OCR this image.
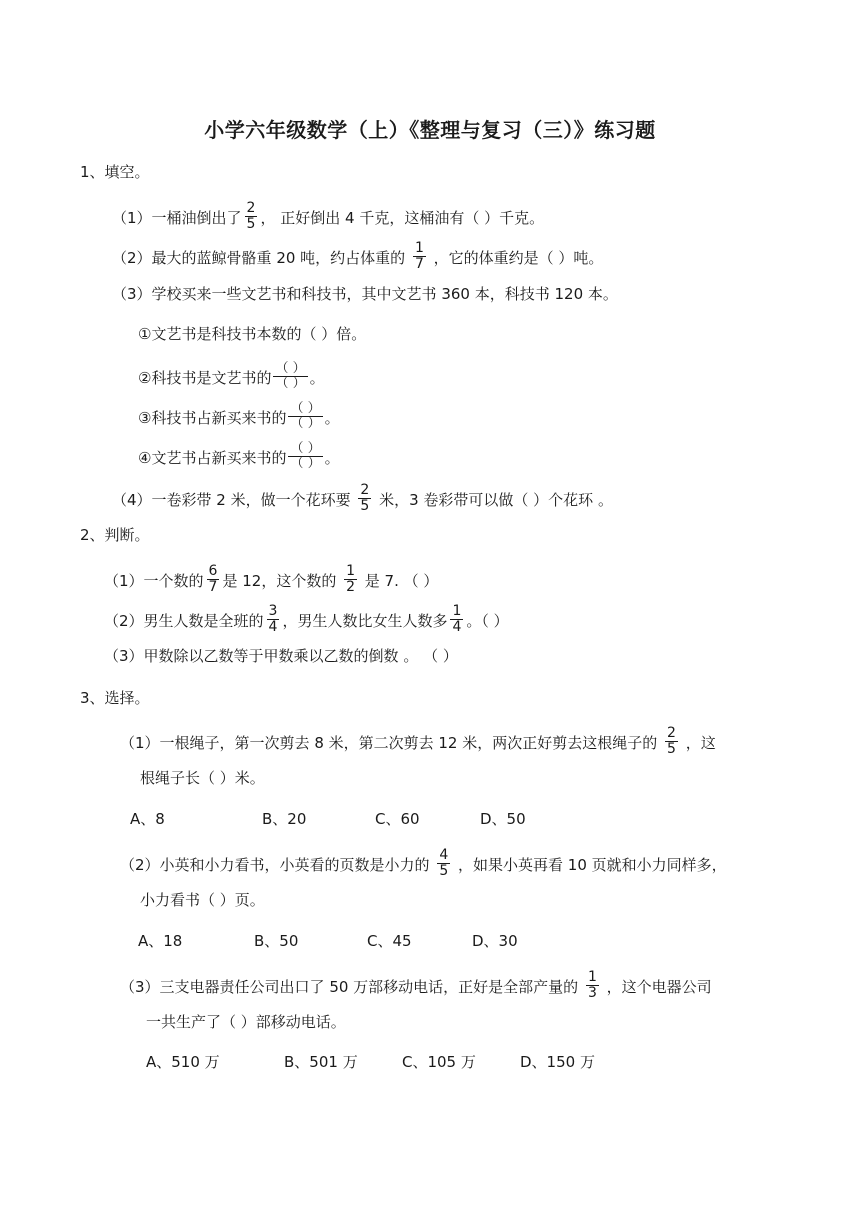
小学六年级数学（上）《整理与复习（三）》练习题
1、填空。
（1）一桶油倒出了 $\frac{2}{5}$ ， 正好倒出 4 千克，这桶油有（ ）千克。
（2）最大的蓝鲸骨骼重 20 吨，约占体重的 $\frac{1}{7}$ ，它的体重约是（ ）吨。
（3）学校买来一些文艺书和科技书，其中文艺书 360 本，科技书 120 本。
①文艺书是科技书本数的（ ）倍。
②科技书是文艺书的
（ ）
（ ） 。
③科技书占新买来书的
（ ）
（ ） 。
④文艺书占新买来书的
（ ）
（ ） 。
（4）一卷彩带 2 米，做一个花环要 $\frac{2}{5}$ 米，3 卷彩带可以做（ ）个花环 。
2、判断。
（1）一个数的 $\frac{6}{7}$ 是 12，这个数的 $\frac{1}{2}$ 是 7. （ ）
（2）男生人数是全班的 $\frac{3}{4}$ ，男生人数比女生人数多 $\frac{1}{4}$ 。（ ）
（3）甲数除以乙数等于甲数乘以乙数的倒数 。 （ ）
3、选择。
（1）一根绳子，第一次剪去 8 米，第二次剪去 12 米，两次正好剪去这根绳子的 $\frac{2}{5}$ ，这
根绳子长（ ）米。
A、8	B、20	C、60	D、50
（2）小英和小力看书，小英看的页数是小力的 $\frac{4}{5}$ ，如果小英再看 10 页就和小力同样多，
小力看书（ ）页。
A、18	B、50	C、45	D、30
（3）三支电器责任公司出口了 50 万部移动电话，正好是全部产量的 $\frac{1}{3}$ ，这个电器公司
一共生产了（ ）部移动电话。
A、510 万	B、501 万	C、105 万	D、150 万
